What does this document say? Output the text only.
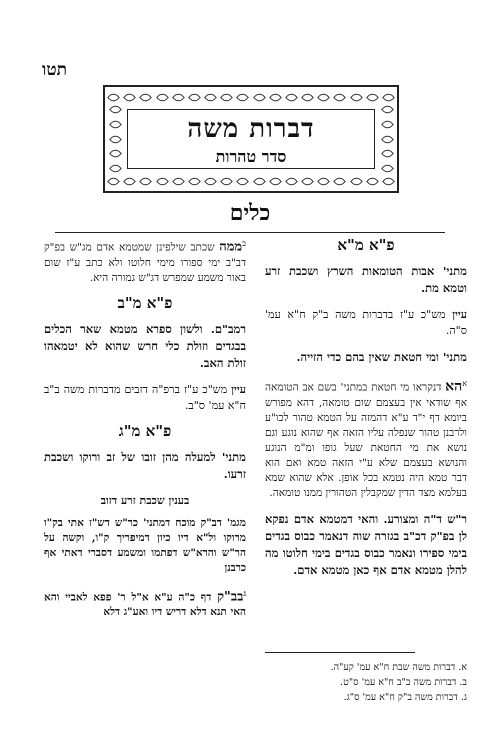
תטו
דברות משה
סדר טהרות
כלים
פ"א מ"א

מתני' אבות הטומאות השרץ ושכבת זרע וטמא מת.

עיין מש"כ ע"ז בדברות משה ב"ק ח"א עמ' ס"ה.

מתני' ומי חטאת שאין בהם כדי הזייה.

$^א$הא דנקראו מי חטאת במתני' בשם אב הטומאה אף שודאי אין בעצמם שום טומאה, דהא מפורש ביומא דף י"ד ע"א דהמזה על הטמא טהור לכו"ע ולרבנן טהור שנפלה עליו הזאה אף שהוא נוגע וגם נושא את מי החטאת שעל גופו ומ"מ הנוגע והנושא בעצמם שלא ע"י הזאה טמא ואם הוא דבר טמא היה נטמא בכל אופן. אלא שהוא שמא בעלמא מצד הדין שמקבלין הטהורין ממנו טומאה.

ר"ש ד"ה ומצורע. והאי דמטמא אדם נפקא לן בפ"ק דכ"ב בגזרה שוה דנאמר כבוס בגדים בימי ספירו ונאמר כבוס בגדים בימי חלוטו מה להלן מטמא אדם אף כאן מטמא אדם.

$^ב$ממה שכתב שילפינן שמטמא אדם מג"ש בפ"ק דב"ב ימי ספורו מימי חלוטו ולא כתב ע"ז שום באור משמע שמפרש דג"ש גמורה היא.

פ"א מ"ב

רמב"ם. ולשון ספרא מטמא שאר הכלים בבגדים וזולת כלי חרש שהוא לא יטמאהו זולת האב.

עיין מש"כ ע"ז ברפ"ה דזבים מדברות משה ב"ב ח"א עמ' ס"ב.

פ"א מ"ג

מתני' למעלה מהן זובו של זב ורוקו ושכבת זרעו.

בענין שכבת זרע דזוב

מגמ' דב"ק מוכח דמתני' כר"ש דש"ז אתי בק"ו מרוקו ול"א דיו כיון דמיפריך ק"ו, וקשה על הר"ש והרא"ש דפתמו ומשמע דסברי דאתי אף כרבנן

$^ג$בב"ק דף כ"ה ע"א א"ל ר' פפא לאביי והא האי תנא דלא דריש דיו ואע"ג דלא

א. דברות משה שבת ח"א עמ' קע"ה.
ב. דברות משה ב"ב ח"א עמ' ס"ט.
ג. דברות משה ב"ק ח"א עמ' ס"ג.
